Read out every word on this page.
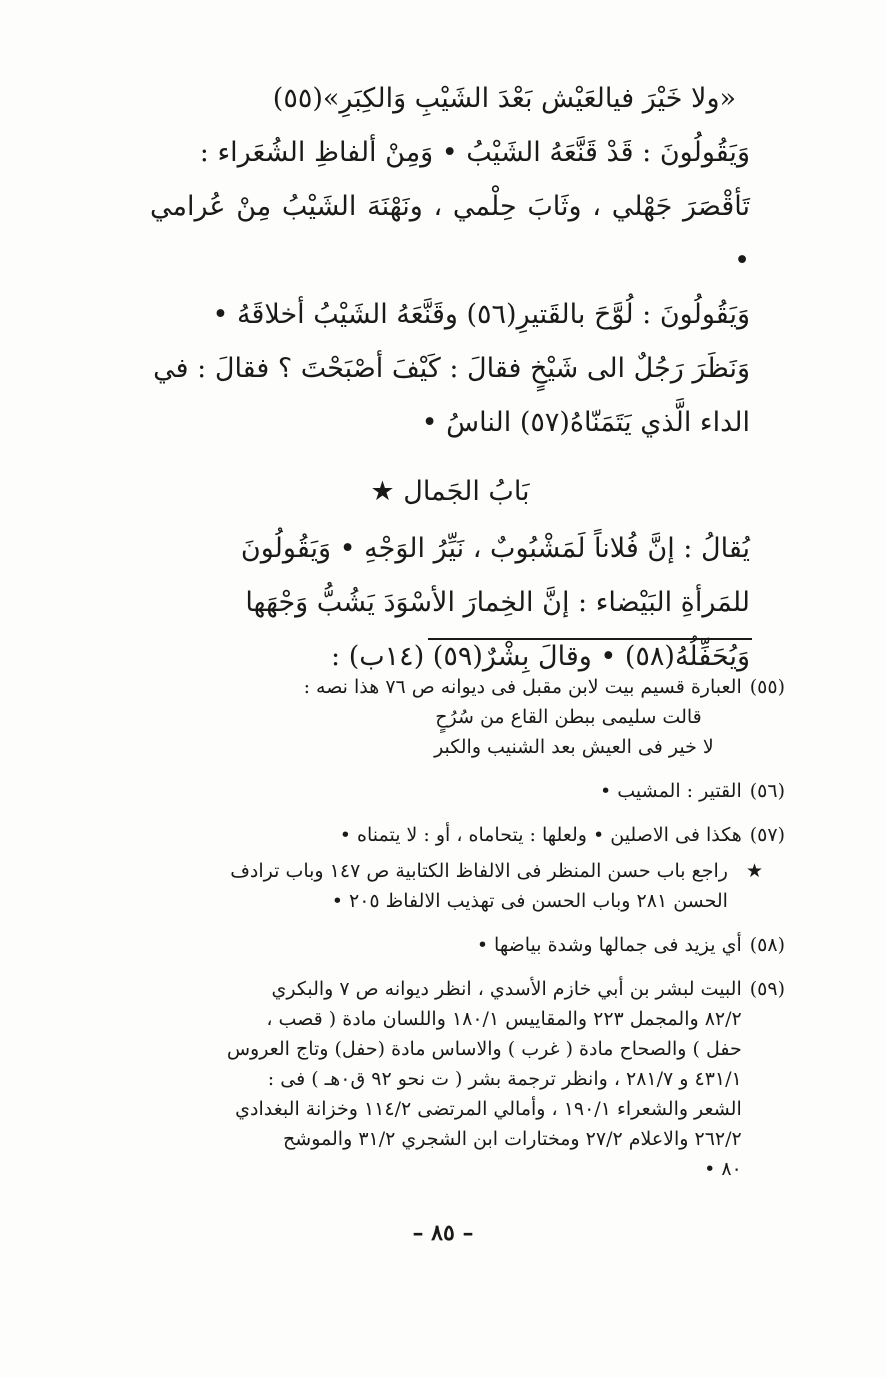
«ولا خَيْرَ فيالعَيْش بَعْدَ الشَيْبِ وَالكِبَرِ»(٥٥)

وَيَقُولُونَ : قَدْ قَنَّعَهُ الشَيْبُ • وَمِنْ ألفاظِ الشُعَراء :

تَأقْصَرَ جَهْلي ، وثَابَ حِلْمي ، ونَهْنَهَ الشَيْبُ مِنْ عُرامي •

وَيَقُولُونَ : لُوَّحَ بالقَتيرِ(٥٦) وقَنَّعَهُ الشَيْبُ أخلاقَهُ •

وَنَظَرَ رَجُلٌ الى شَيْخٍ فقالَ : كَيْفَ أصْبَحْتَ ؟ فقالَ : في

الداء الَّذي يَتَمَنّاهُ(٥٧) الناسُ •

بَابُ الجَمال ★

يُقالُ : إنَّ فُلاناً لَمَشْبُوبٌ ، نَيِّرُ الوَجْهِ • وَيَقُولُونَ

للمَرأةِ البَيْضاء : إنَّ الخِمارَ الأسْوَدَ يَشُبُّ وَجْهَها

وَيُحَفِّلُهُ(٥٨) • وقالَ بِشْرٌ(٥٩) (١٤ب) :

(٥٥)
العبارة قسيم بيت لابن مقبل فى ديوانه ص ٧٦ هذا نصه :
قالت سليمى ببطن القاع من سُرُحٍ
لا خير فى العيش بعد الشنيب والكبر
(٥٦)
القتير : المشيب •
(٥٧)
هكذا فى الاصلين • ولعلها : يتحاماه ، أو : لا يتمناه •
★
راجع باب حسن المنظر فى الالفاظ الكتابية ص ١٤٧ وباب ترادف
الحسن ٢٨١ وباب الحسن فى تهذيب الالفاظ ٢٠٥ •
(٥٨)
أي يزيد فى جمالها وشدة بياضها •
(٥٩)
البيت لبشر بن أبي خازم الأسدي ، انظر ديوانه ص ٧ والبكري
٨٢/٢ والمجمل ٢٢٣ والمقاييس ١٨٠/١ واللسان مادة ( قصب ،
حفل ) والصحاح مادة ( غرب ) والاساس مادة (حفل) وتاج العروس
٤٣١/١ و ٢٨١/٧ ، وانظر ترجمة بشر ( ت نحو ٩٢ ق٠هـ ) فى :
الشعر والشعراء ١٩٠/١ ، وأمالي المرتضى ١١٤/٢ وخزانة البغدادي
٢٦٢/٢ والاعلام ٢٧/٢ ومختارات ابن الشجري ٣١/٢ والموشح
٨٠ •
– ٨٥ –
